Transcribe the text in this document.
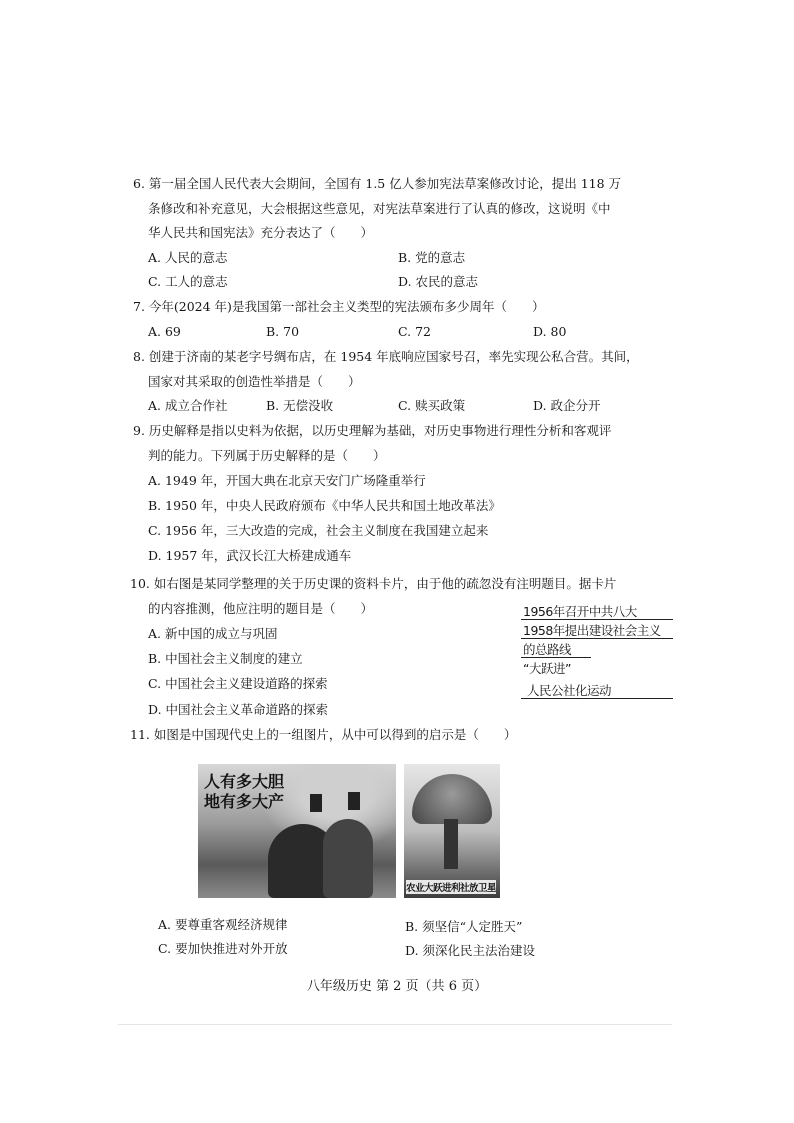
6. 第一届全国人民代表大会期间，全国有 1.5 亿人参加宪法草案修改讨论，提出 118 万
条修改和补充意见，大会根据这些意见，对宪法草案进行了认真的修改，这说明《中
华人民共和国宪法》充分表达了（　　）
A. 人民的意志	B. 党的意志
C. 工人的意志	D. 农民的意志
7. 今年(2024 年)是我国第一部社会主义类型的宪法颁布多少周年（　　）
A. 69	B. 70	C. 72	D. 80
8. 创建于济南的某老字号绸布店，在 1954 年底响应国家号召，率先实现公私合营。其间，
国家对其采取的创造性举措是（　　）
A. 成立合作社	B. 无偿没收	C. 赎买政策	D. 政企分开
9. 历史解释是指以史料为依据，以历史理解为基础，对历史事物进行理性分析和客观评
判的能力。下列属于历史解释的是（　　）
A. 1949 年，开国大典在北京天安门广场隆重举行
B. 1950 年，中央人民政府颁布《中华人民共和国土地改革法》
C. 1956 年，三大改造的完成，社会主义制度在我国建立起来
D. 1957 年，武汉长江大桥建成通车
10. 如右图是某同学整理的关于历史课的资料卡片，由于他的疏忽没有注明题目。据卡片
的内容推测，他应注明的题目是（　　）
A. 新中国的成立与巩固
B. 中国社会主义制度的建立
C. 中国社会主义建设道路的探索
D. 中国社会主义革命道路的探索
1956年召开中共八大
1958年提出建设社会主义
的总路线
“大跃进”
人民公社化运动
11. 如图是中国现代史上的一组图片，从中可以得到的启示是（　　）
人有多大胆
地有多大产
农业大跃进利社放卫星
A. 要尊重客观经济规律	B. 须坚信“人定胜天”
C. 要加快推进对外开放	D. 须深化民主法治建设
八年级历史 第 2 页（共 6 页）
